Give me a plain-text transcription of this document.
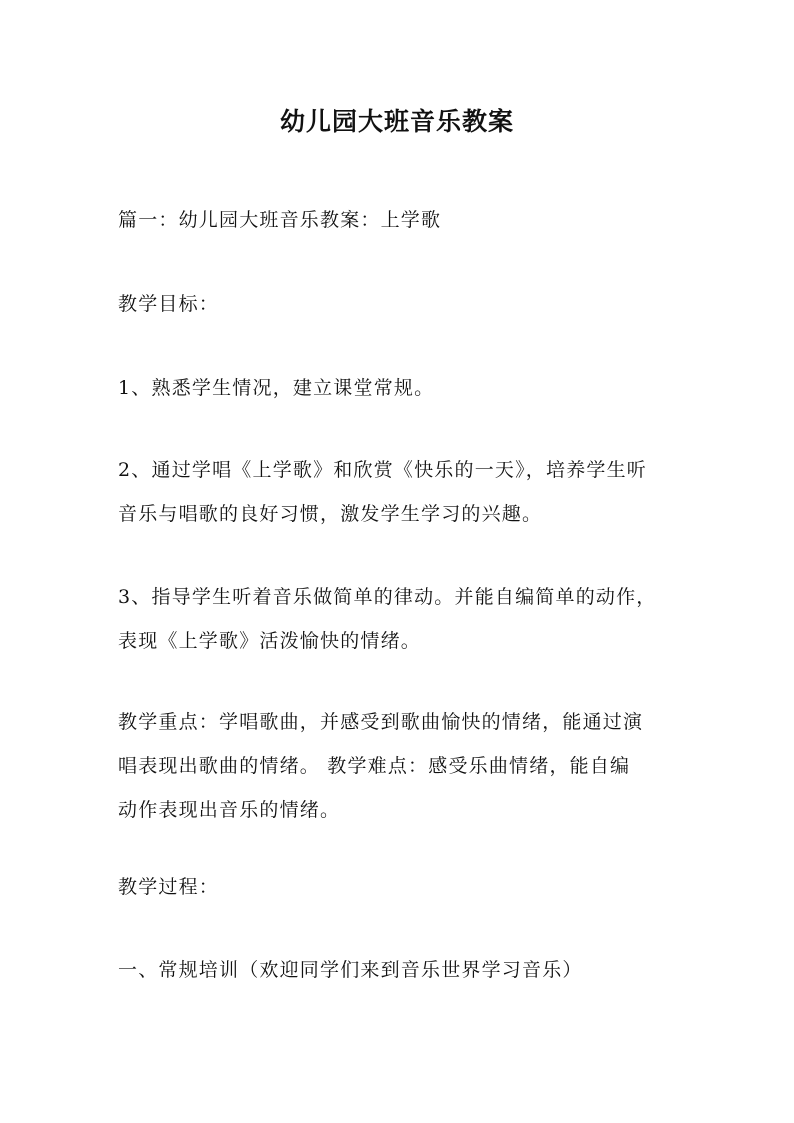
幼儿园大班音乐教案
篇一：幼儿园大班音乐教案：上学歌
教学目标：
1、熟悉学生情况，建立课堂常规。
2、通过学唱《上学歌》和欣赏《快乐的一天》，培养学生听
音乐与唱歌的良好习惯，激发学生学习的兴趣。
3、指导学生听着音乐做简单的律动。并能自编简单的动作，
表现《上学歌》活泼愉快的情绪。
教学重点：学唱歌曲，并感受到歌曲愉快的情绪，能通过演
唱表现出歌曲的情绪。 教学难点：感受乐曲情绪，能自编
动作表现出音乐的情绪。
教学过程：
一、常规培训（欢迎同学们来到音乐世界学习音乐）
